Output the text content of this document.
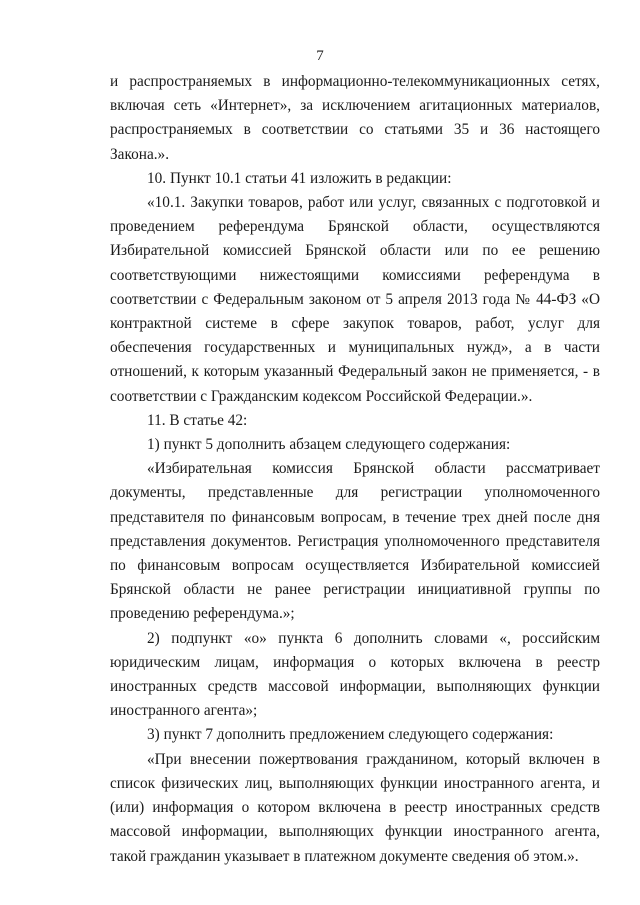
7

и распространяемых в информационно-телекоммуникационных сетях, включая сеть «Интернет», за исключением агитационных материалов, распространяемых в соответствии со статьями 35 и 36 настоящего Закона.».

10. Пункт 10.1 статьи 41 изложить в редакции:

«10.1. Закупки товаров, работ или услуг, связанных с подготовкой и проведением референдума Брянской области, осуществляются Избирательной комиссией Брянской области или по ее решению соответствующими нижестоящими комиссиями референдума в соответствии с Федеральным законом от 5 апреля 2013 года № 44-ФЗ «О контрактной системе в сфере закупок товаров, работ, услуг для обеспечения государственных и муниципальных нужд», а в части отношений, к которым указанный Федеральный закон не применяется, - в соответствии с Гражданским кодексом Российской Федерации.».

11. В статье 42:

1) пункт 5 дополнить абзацем следующего содержания:

«Избирательная комиссия Брянской области рассматривает документы, представленные для регистрации уполномоченного представителя по финансовым вопросам, в течение трех дней после дня представления документов. Регистрация уполномоченного представителя по финансовым вопросам осуществляется Избирательной комиссией Брянской области не ранее регистрации инициативной группы по проведению референдума.»;

2) подпункт «о» пункта 6 дополнить словами «, российским юридическим лицам, информация о которых включена в реестр иностранных средств массовой информации, выполняющих функции иностранного агента»;

3) пункт 7 дополнить предложением следующего содержания:

«При внесении пожертвования гражданином, который включен в список физических лиц, выполняющих функции иностранного агента, и (или) информация о котором включена в реестр иностранных средств массовой информации, выполняющих функции иностранного агента, такой гражданин указывает в платежном документе сведения об этом.».
